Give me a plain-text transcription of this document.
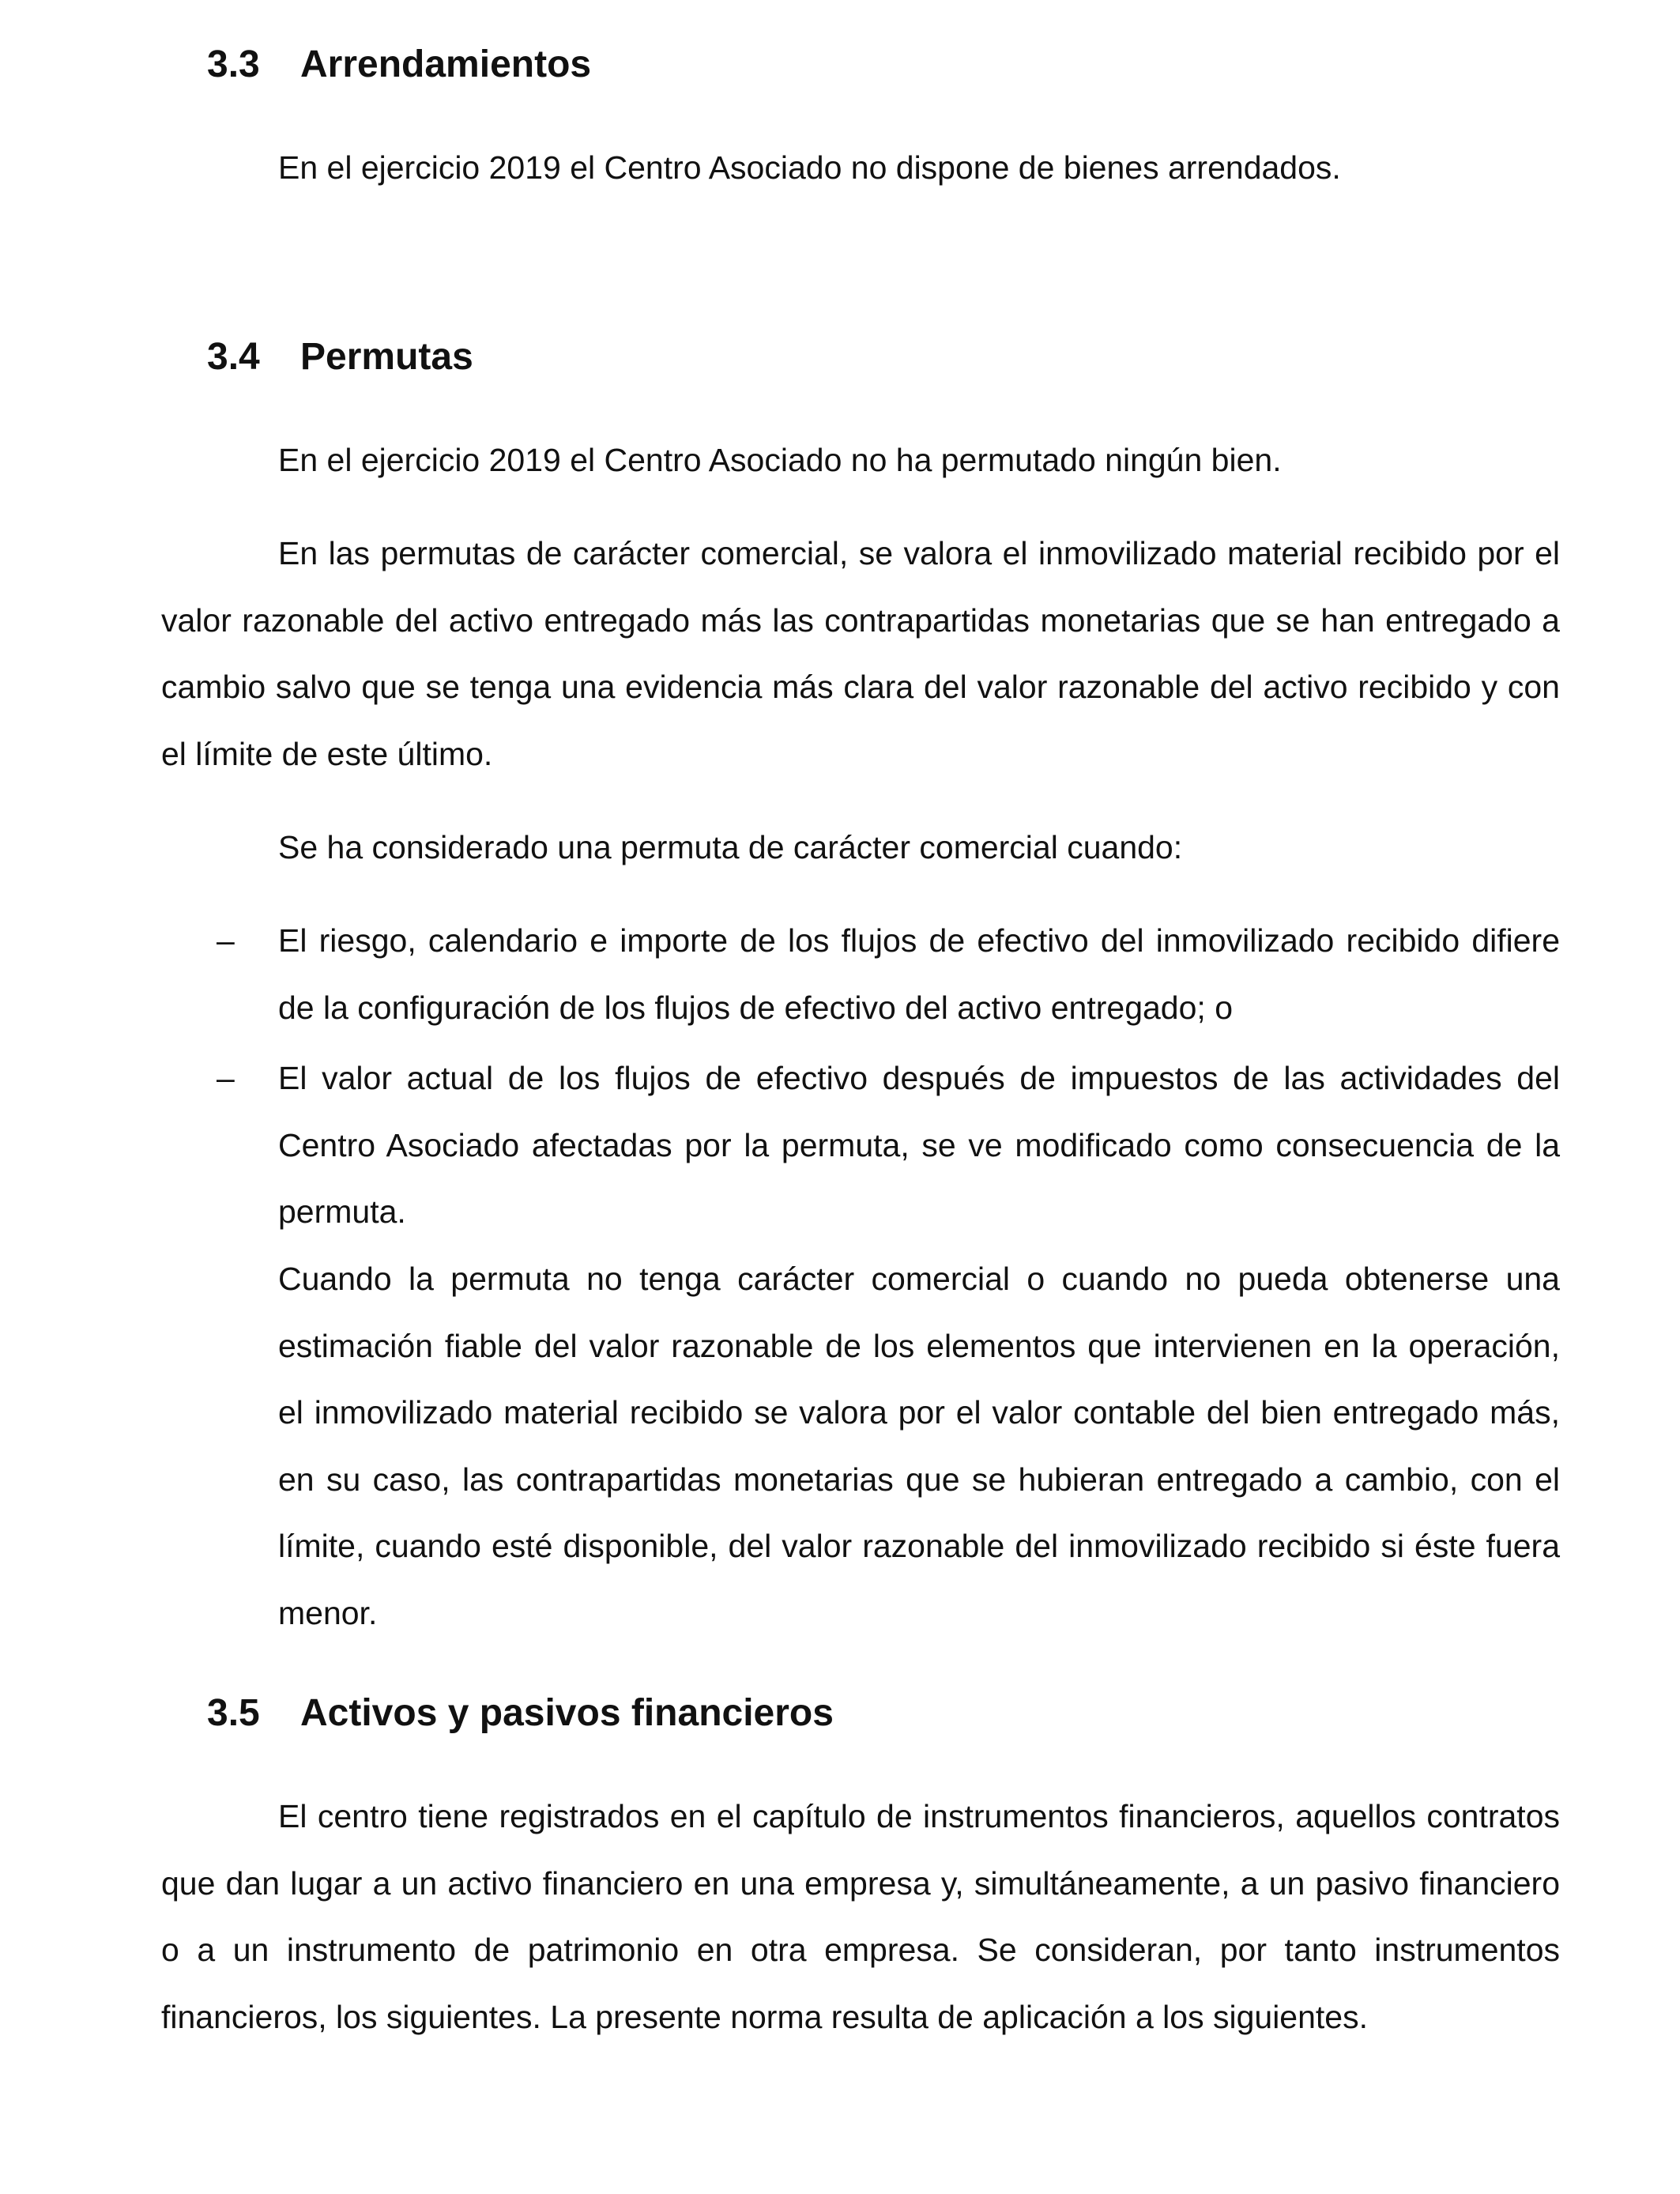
3.3 Arrendamientos
En el ejercicio 2019 el Centro Asociado no dispone de bienes arrendados.
3.4 Permutas
En el ejercicio 2019 el Centro Asociado no ha permutado ningún bien.
En las permutas de carácter comercial, se valora el inmovilizado material recibido por el valor razonable del activo entregado más las contrapartidas monetarias que se han entregado a cambio salvo que se tenga una evidencia más clara del valor razonable del activo recibido y con el límite de este último.
Se ha considerado una permuta de carácter comercial cuando:
– El riesgo, calendario e importe de los flujos de efectivo del inmovilizado recibido difiere de la configuración de los flujos de efectivo del activo entregado; o
– El valor actual de los flujos de efectivo después de impuestos de las actividades del Centro Asociado afectadas por la permuta, se ve modificado como consecuencia de la permuta.
Cuando la permuta no tenga carácter comercial o cuando no pueda obtenerse una estimación fiable del valor razonable de los elementos que intervienen en la operación, el inmovilizado material recibido se valora por el valor contable del bien entregado más, en su caso, las contrapartidas monetarias que se hubieran entregado a cambio, con el límite, cuando esté disponible, del valor razonable del inmovilizado recibido si éste fuera menor.
3.5 Activos y pasivos financieros
El centro tiene registrados en el capítulo de instrumentos financieros, aquellos contratos que dan lugar a un activo financiero en una empresa y, simultáneamente, a un pasivo financiero o a un instrumento de patrimonio en otra empresa. Se consideran, por tanto instrumentos financieros, los siguientes. La presente norma resulta de aplicación a los siguientes.
